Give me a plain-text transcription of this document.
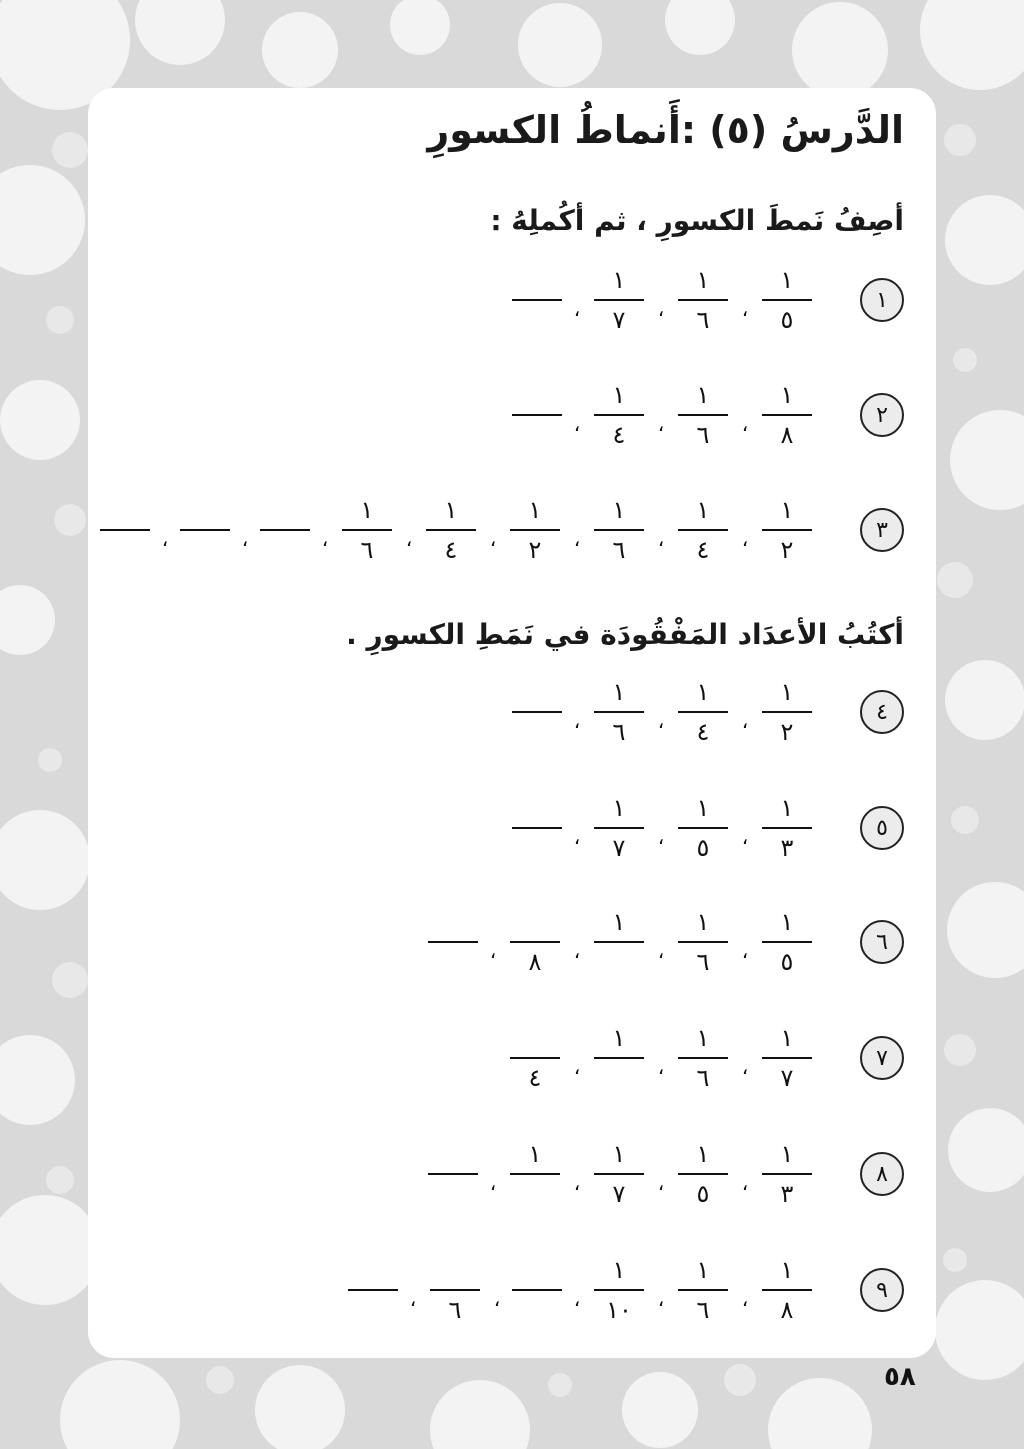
الدَّرسُ (٥) :أَنماطُ الكسورِ
أصِفُ نَمطَ الكسورِ ، ثم أكُملِهُ :
أكتُبُ الأعدَاد المَفْقُودَة في نَمَطِ الكسورِ .
١
$\frac{١}{٥}$
،
$\frac{١}{٦}$
،
$\frac{١}{٧}$
،
٢
$\frac{١}{٨}$
،
$\frac{١}{٦}$
،
$\frac{١}{٤}$
،
٣
$\frac{١}{٢}$
،
$\frac{١}{٤}$
،
$\frac{١}{٦}$
،
$\frac{١}{٢}$
،
$\frac{١}{٤}$
،
$\frac{١}{٦}$
،
،
،
٤
$\frac{١}{٢}$
،
$\frac{١}{٤}$
،
$\frac{١}{٦}$
،
٥
$\frac{١}{٣}$
،
$\frac{١}{٥}$
،
$\frac{١}{٧}$
،
٦
$\frac{١}{٥}$
،
$\frac{١}{٦}$
،
١
،
٨
،
٧
$\frac{١}{٧}$
،
$\frac{١}{٦}$
،
١
،
٤
٨
$\frac{١}{٣}$
،
$\frac{١}{٥}$
،
$\frac{١}{٧}$
،
١
،
٩
$\frac{١}{٨}$
،
$\frac{١}{٦}$
،
$\frac{١}{١٠}$
،
،
٦
،
٥٨
